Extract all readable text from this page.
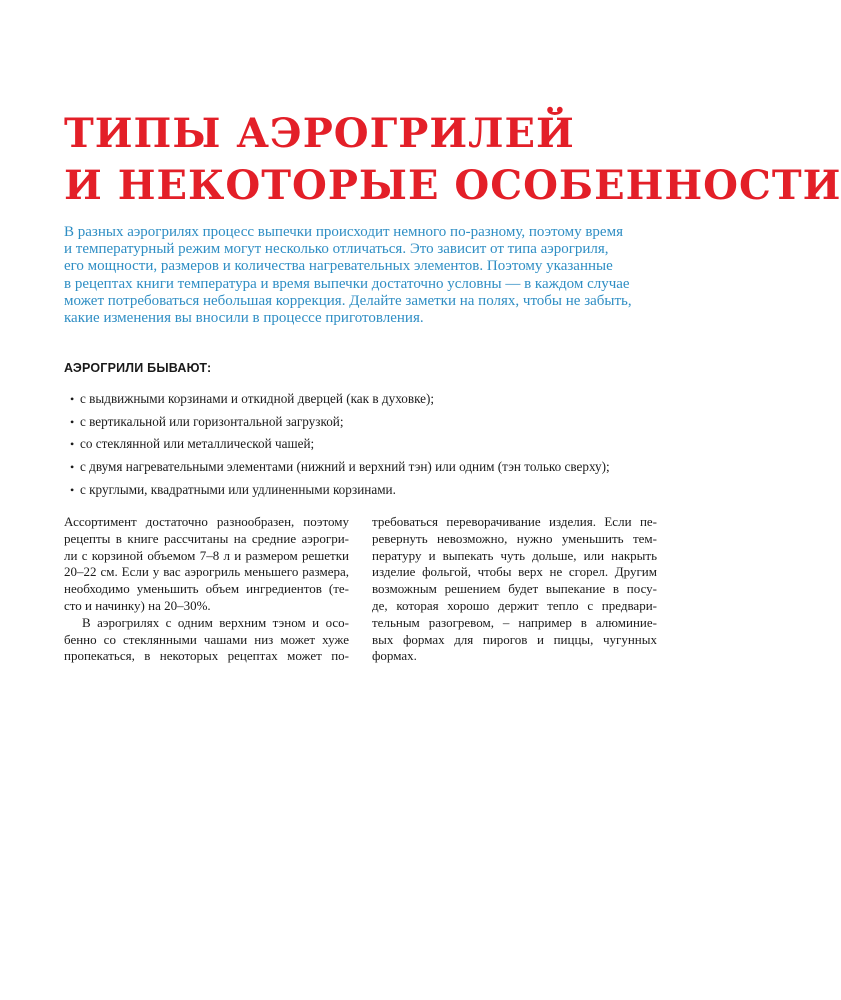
ТИПЫ АЭРОГРИЛЕЙ
И НЕКОТОРЫЕ ОСОБЕННОСТИ
В разных аэрогрилях процесс выпечки происходит немного по-разному, поэтому время
и температурный режим могут несколько отличаться. Это зависит от типа аэрогриля,
его мощности, размеров и количества нагревательных элементов. Поэтому указанные
в рецептах книги температура и время выпечки достаточно условны — в каждом случае
может потребоваться небольшая коррекция. Делайте заметки на полях, чтобы не забыть,
какие изменения вы вносили в процессе приготовления.
АЭРОГРИЛИ БЫВАЮТ:
• с выдвижными корзинами и откидной дверцей (как в духовке);
• с вертикальной или горизонтальной загрузкой;
• со стеклянной или металлической чашей;
• с двумя нагревательными элементами (нижний и верхний тэн) или одним (тэн только сверху);
• с круглыми, квадратными или удлиненными корзинами.
Ассортимент достаточно разнообразен, поэтому
рецепты в книге рассчитаны на средние аэрогри-
ли с корзиной объемом 7–8 л и размером решетки
20–22 см. Если у вас аэрогриль меньшего размера,
необходимо уменьшить объем ингредиентов (те-
сто и начинку) на 20–30%.
В аэрогрилях с одним верхним тэном и осо-
бенно со стеклянными чашами низ может хуже
пропекаться, в некоторых рецептах может по-
требоваться переворачивание изделия. Если пе-
ревернуть невозможно, нужно уменьшить тем-
пературу и выпекать чуть дольше, или накрыть
изделие фольгой, чтобы верх не сгорел. Другим
возможным решением будет выпекание в посу-
де, которая хорошо держит тепло с предвари-
тельным разогревом, – например в алюминие-
вых формах для пирогов и пиццы, чугунных
формах.
